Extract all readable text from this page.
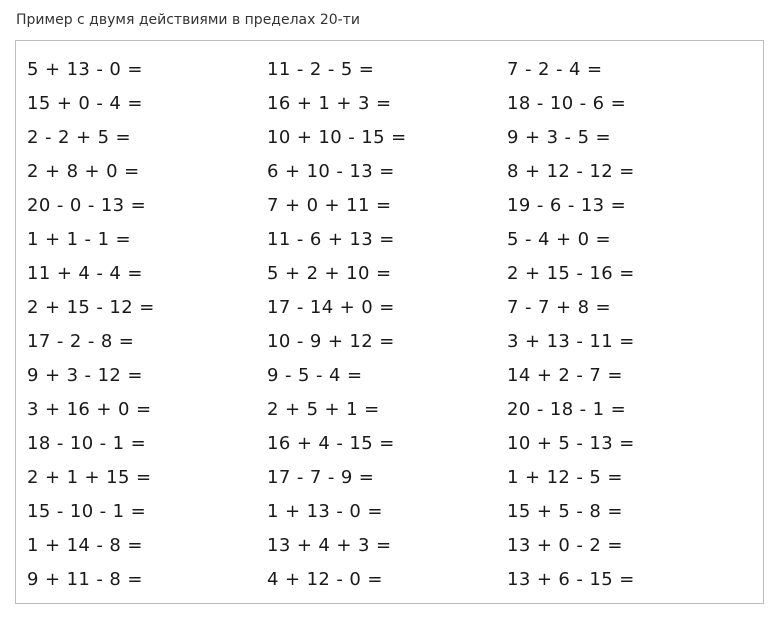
Пример с двумя действиями в пределах 20-ти
5 + 13 - 0 =
15 + 0 - 4 =
2 - 2 + 5 =
2 + 8 + 0 =
20 - 0 - 13 =
1 + 1 - 1 =
11 + 4 - 4 =
2 + 15 - 12 =
17 - 2 - 8 =
9 + 3 - 12 =
3 + 16 + 0 =
18 - 10 - 1 =
2 + 1 + 15 =
15 - 10 - 1 =
1 + 14 - 8 =
9 + 11 - 8 =
11 - 2 - 5 =
16 + 1 + 3 =
10 + 10 - 15 =
6 + 10 - 13 =
7 + 0 + 11 =
11 - 6 + 13 =
5 + 2 + 10 =
17 - 14 + 0 =
10 - 9 + 12 =
9 - 5 - 4 =
2 + 5 + 1 =
16 + 4 - 15 =
17 - 7 - 9 =
1 + 13 - 0 =
13 + 4 + 3 =
4 + 12 - 0 =
7 - 2 - 4 =
18 - 10 - 6 =
9 + 3 - 5 =
8 + 12 - 12 =
19 - 6 - 13 =
5 - 4 + 0 =
2 + 15 - 16 =
7 - 7 + 8 =
3 + 13 - 11 =
14 + 2 - 7 =
20 - 18 - 1 =
10 + 5 - 13 =
1 + 12 - 5 =
15 + 5 - 8 =
13 + 0 - 2 =
13 + 6 - 15 =
